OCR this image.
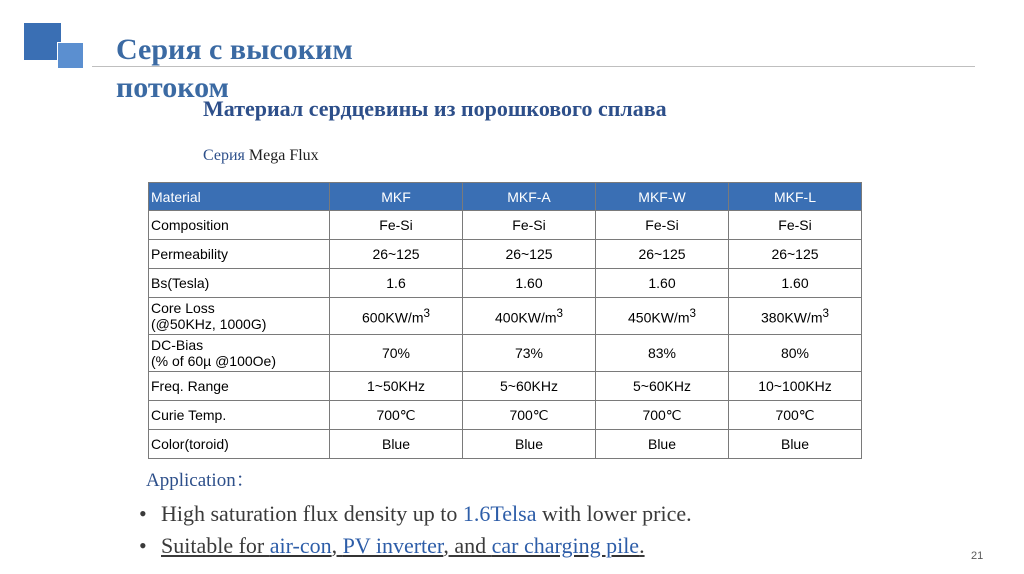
Серия с высоким
потоком
Материал сердцевины из порошкового сплава
Серия Mega Flux
Material	MKF	MKF-A	MKF-W	MKF-L
Composition	Fe-Si	Fe-Si	Fe-Si	Fe-Si
Permeability	26~125	26~125	26~125	26~125
Bs(Tesla)	1.6	1.60	1.60	1.60
Core Loss
(@50KHz, 1000G)	$600KW/m^3$	$400KW/m^3$	$450KW/m^3$	$380KW/m^3$
DC-Bias
(% of 60µ @100Oe)	70%	73%	83%	80%
Freq. Range	1~50KHz	5~60KHz	5~60KHz	10~100KHz
Curie Temp.	700℃	700℃	700℃	700℃
Color(toroid)	Blue	Blue	Blue	Blue
Application：
• High saturation flux density up to 1.6Telsa with lower price.
• Suitable for air-con, PV inverter, and car charging pile.	21
